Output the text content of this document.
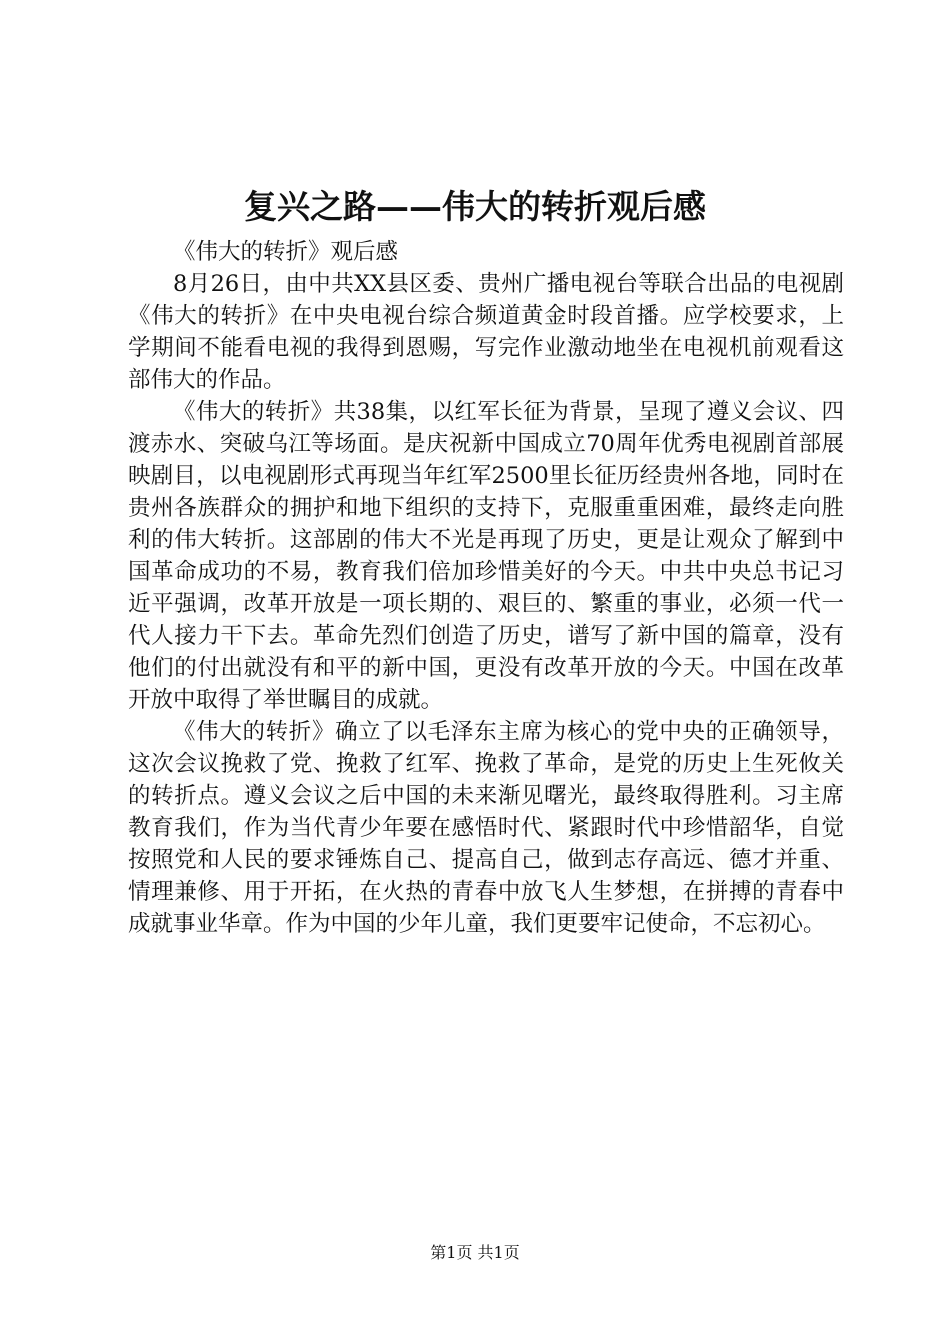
复兴之路——伟大的转折观后感

《伟大的转折》观后感

8月26日，由中共XX县区委、贵州广播电视台等联合出品的电视剧《伟大的转折》在中央电视台综合频道黄金时段首播。应学校要求，上学期间不能看电视的我得到恩赐，写完作业激动地坐在电视机前观看这部伟大的作品。

《伟大的转折》共38集，以红军长征为背景，呈现了遵义会议、四渡赤水、突破乌江等场面。是庆祝新中国成立70周年优秀电视剧首部展映剧目，以电视剧形式再现当年红军2500里长征历经贵州各地，同时在贵州各族群众的拥护和地下组织的支持下，克服重重困难，最终走向胜利的伟大转折。这部剧的伟大不光是再现了历史，更是让观众了解到中国革命成功的不易，教育我们倍加珍惜美好的今天。中共中央总书记习近平强调，改革开放是一项长期的、艰巨的、繁重的事业，必须一代一代人接力干下去。革命先烈们创造了历史，谱写了新中国的篇章，没有他们的付出就没有和平的新中国，更没有改革开放的今天。中国在改革开放中取得了举世瞩目的成就。

《伟大的转折》确立了以毛泽东主席为核心的党中央的正确领导，这次会议挽救了党、挽救了红军、挽救了革命，是党的历史上生死攸关的转折点。遵义会议之后中国的未来渐见曙光，最终取得胜利。习主席教育我们，作为当代青少年要在感悟时代、紧跟时代中珍惜韶华，自觉按照党和人民的要求锤炼自己、提高自己，做到志存高远、德才并重、情理兼修、用于开拓，在火热的青春中放飞人生梦想，在拼搏的青春中成就事业华章。作为中国的少年儿童，我们更要牢记使命，不忘初心。

第1页 共1页
